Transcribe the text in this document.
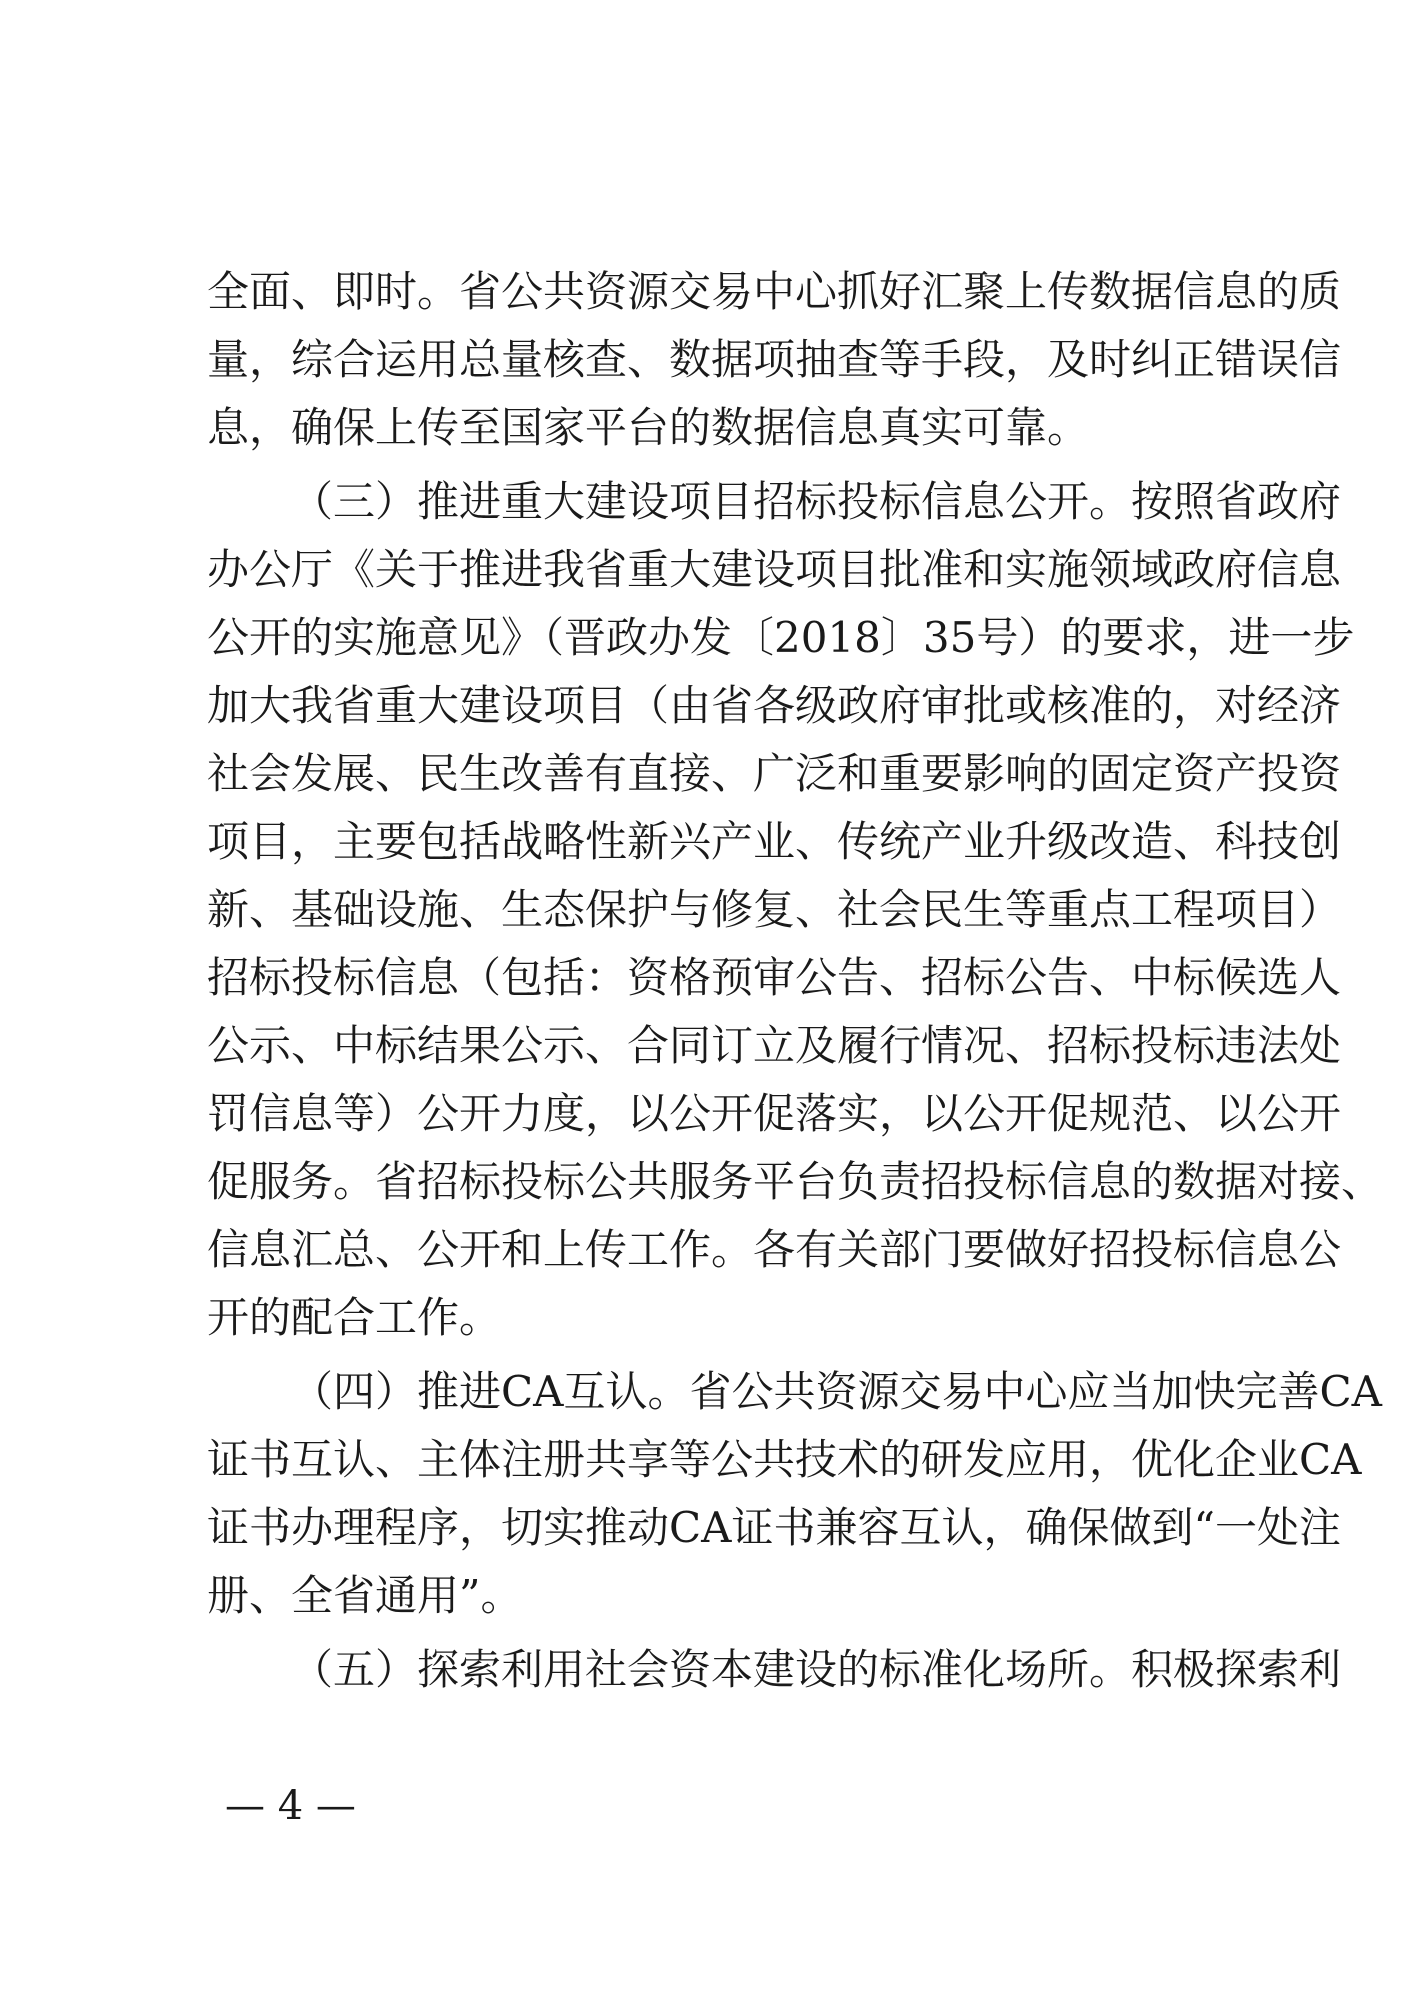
全面、即时。省公共资源交易中心抓好汇聚上传数据信息的质
量，综合运用总量核查、数据项抽查等手段，及时纠正错误信
息，确保上传至国家平台的数据信息真实可靠。
（三）推进重大建设项目招标投标信息公开。按照省政府
办公厅《关于推进我省重大建设项目批准和实施领域政府信息
公开的实施意见》（晋政办发〔2018〕35号）的要求，进一步
加大我省重大建设项目（由省各级政府审批或核准的，对经济
社会发展、民生改善有直接、广泛和重要影响的固定资产投资
项目，主要包括战略性新兴产业、传统产业升级改造、科技创
新、基础设施、生态保护与修复、社会民生等重点工程项目）
招标投标信息（包括：资格预审公告、招标公告、中标候选人
公示、中标结果公示、合同订立及履行情况、招标投标违法处
罚信息等）公开力度，以公开促落实，以公开促规范、以公开
促服务。省招标投标公共服务平台负责招投标信息的数据对接、
信息汇总、公开和上传工作。各有关部门要做好招投标信息公
开的配合工作。
（四）推进CA互认。省公共资源交易中心应当加快完善CA
证书互认、主体注册共享等公共技术的研发应用，优化企业CA
证书办理程序，切实推动CA证书兼容互认，确保做到“一处注
册、全省通用”。
（五）探索利用社会资本建设的标准化场所。积极探索利
— 4 —
